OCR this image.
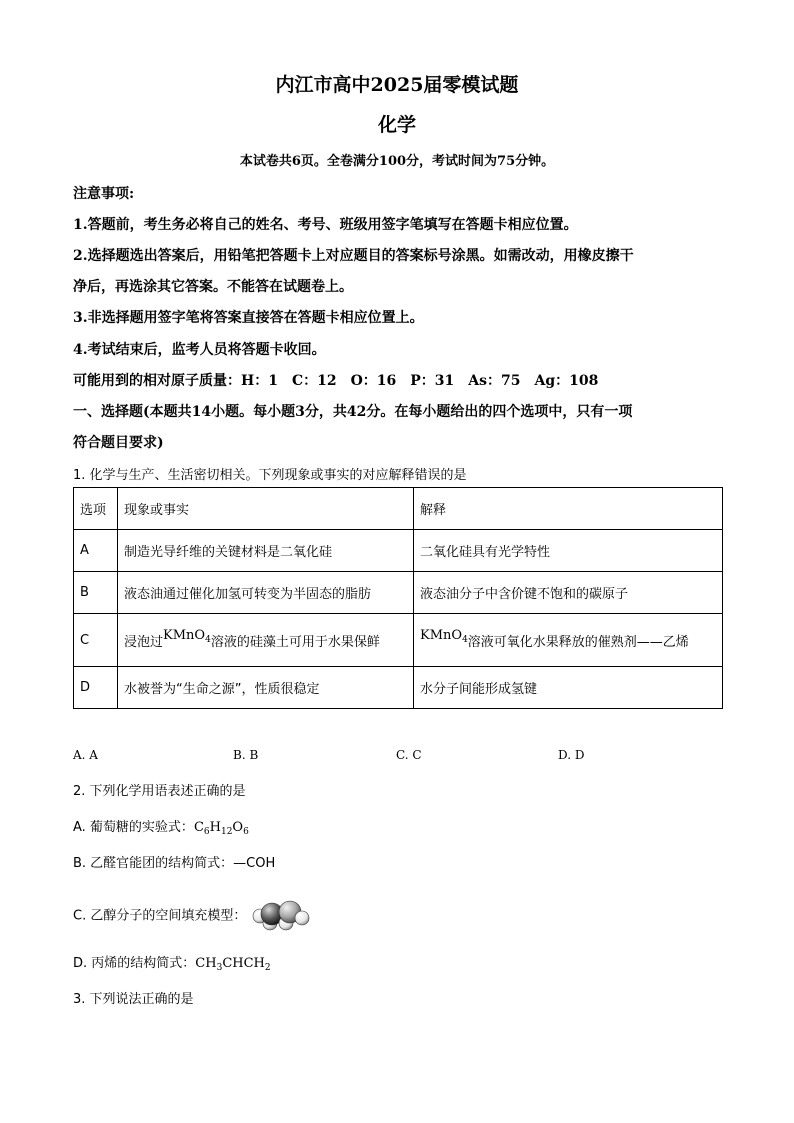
内江市高中2025届零模试题
化学
本试卷共6页。全卷满分100分，考试时间为75分钟。
注意事项:
1.答题前，考生务必将自己的姓名、考号、班级用签字笔填写在答题卡相应位置。
2.选择题选出答案后，用铅笔把答题卡上对应题目的答案标号涂黑。如需改动，用橡皮擦干
净后，再选涂其它答案。不能答在试题卷上。
3.非选择题用签字笔将答案直接答在答题卡相应位置上。
4.考试结束后，监考人员将答题卡收回。
可能用到的相对原子质量：H：1　C：12　O：16　P：31　As：75　Ag：108
一、选择题(本题共14小题。每小题3分，共42分。在每小题给出的四个选项中，只有一项
符合题目要求)
1. 化学与生产、生活密切相关。下列现象或事实的对应解释错误的是
选项	现象或事实	解释
A	制造光导纤维的关键材料是二氧化硅	二氧化硅具有光学特性
B	液态油通过催化加氢可转变为半固态的脂肪	液态油分子中含价键不饱和的碳原子
C	浸泡过KMnO$_4$溶液的硅藻土可用于水果保鲜	KMnO$_4$溶液可氧化水果释放的催熟剂——乙烯
D	水被誉为“生命之源”，性质很稳定	水分子间能形成氢键
A. A	B. B	C. C	D. D
2. 下列化学用语表述正确的是
A. 葡萄糖的实验式：$C_6H_{12}O_6$
B. 乙醛官能团的结构简式：—COH
C. 乙醇分子的空间填充模型：
D. 丙烯的结构简式：$CH_3CHCH_2$
3. 下列说法正确的是
